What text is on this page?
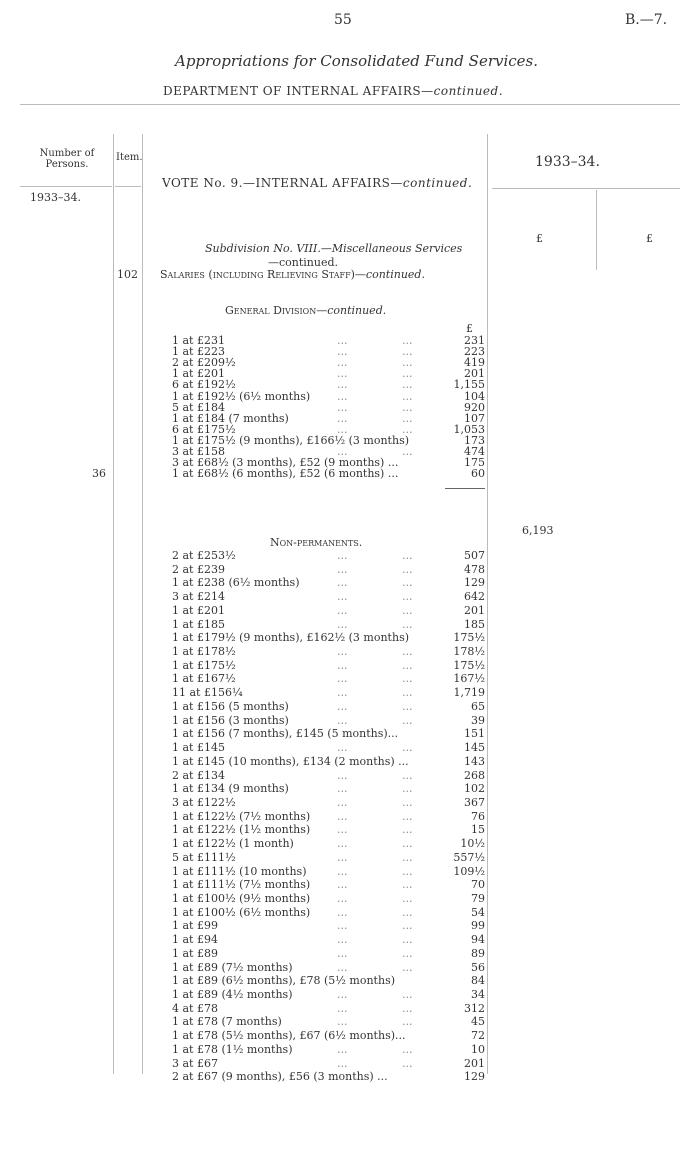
55	B.—7.
Appropriations for Consolidated Fund Services.
DEPARTMENT OF INTERNAL AFFAIRS—continued.
Number of Persons.
Item.	1933–34.
1933–34.
£	£
VOTE No. 9.—INTERNAL AFFAIRS—continued.
Subdivision No. VIII.—Miscellaneous Services
—continued.
102 Salaries (including Relieving Staff)—continued.
General Division—continued.
£
1 at £231	...	...	231
1 at £223	...	...	223
2 at £209½	...	...	419
1 at £201	...	...	201
6 at £192½	...	...	1,155
1 at £192½ (6½ months) ...	...	104
5 at £184	...	...	920
1 at £184 (7 months)	...	...	107
6 at £175½	...	...	1,053
1 at £175½ (9 months), £166½ (3 months)	173
3 at £158	...	...	474
3 at £68½ (3 months), £52 (9 months) ...	175
1 at £68½ (6 months), £52 (6 months) ...	60
36
6,193
Non-permanents.
2 at £253½	...	...	507
2 at £239	...	...	478
1 at £238 (6½ months)	...	...	129
3 at £214	...	...	642
1 at £201	...	...	201
1 at £185	...	...	185
1 at £179½ (9 months), £162½ (3 months)	175½
1 at £178½	...	...	178½
1 at £175½	...	...	175½
1 at £167½	...	...	167½
11 at £156¼	...	...	1,719
1 at £156 (5 months)	...	...	65
1 at £156 (3 months)	...	...	39
1 at £156 (7 months), £145 (5 months)...	151
1 at £145	...	...	145
1 at £145 (10 months), £134 (2 months) ...	143
2 at £134	...	...	268
1 at £134 (9 months)	...	...	102
3 at £122½	...	...	367
1 at £122½ (7½ months) ...	...	76
1 at £122½ (1½ months) ...	...	15
1 at £122½ (1 month)	...	...	10½
5 at £111½	...	...	557½
1 at £111½ (10 months)	...	...	109½
1 at £111½ (7½ months) ...	...	70
1 at £100½ (9½ months) ...	...	79
1 at £100½ (6½ months) ...	...	54
1 at £99	...	...	99
1 at £94	...	...	94
1 at £89	...	...	89
1 at £89 (7½ months)	...	...	56
1 at £89 (6½ months), £78 (5½ months)	84
1 at £89 (4½ months)	...	...	34
4 at £78	...	...	312
1 at £78 (7 months)	...	...	45
1 at £78 (5½ months), £67 (6½ months)...	72
1 at £78 (1½ months)	...	...	10
3 at £67	...	...	201
2 at £67 (9 months), £56 (3 months) ...	129
